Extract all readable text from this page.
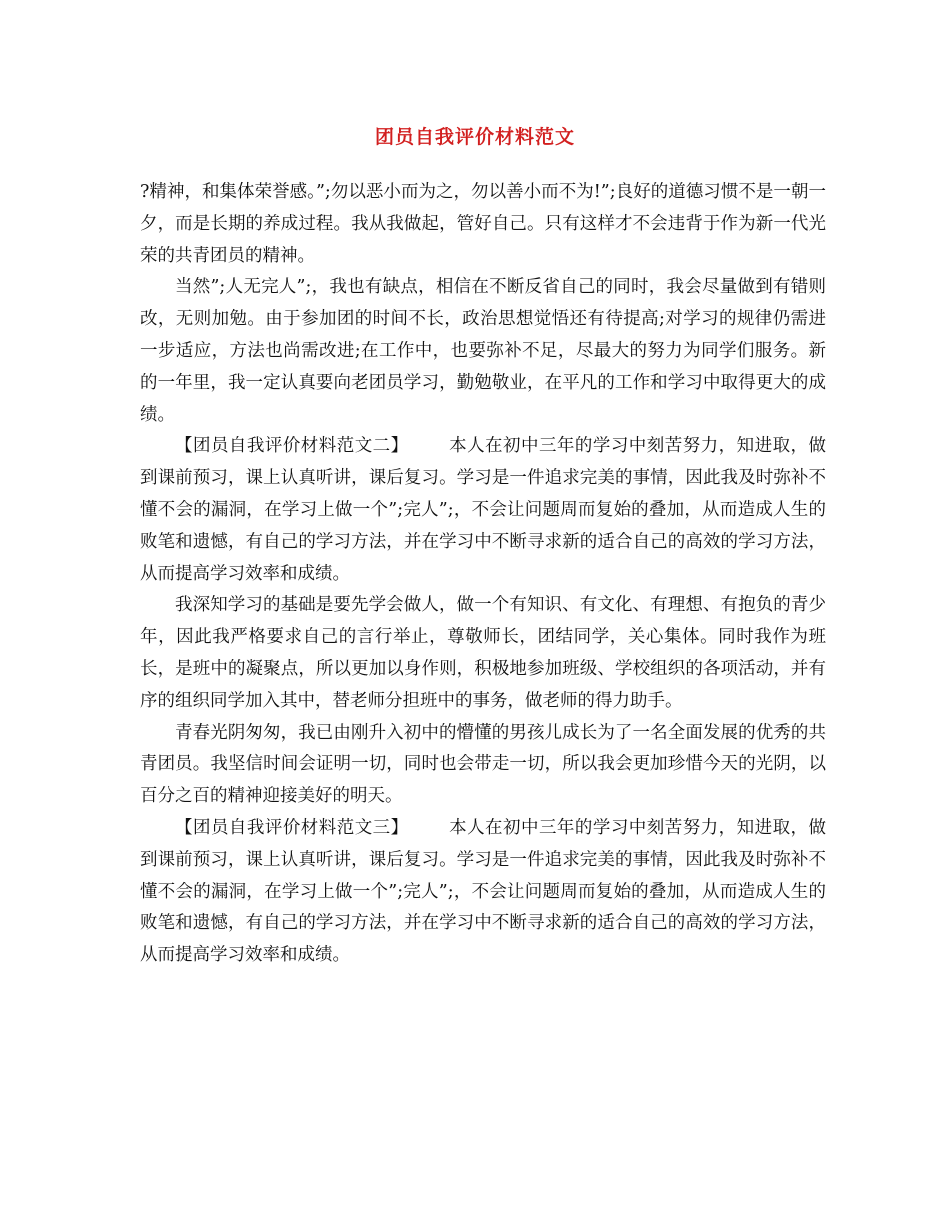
团员自我评价材料范文

?精神，和集体荣誉感。”;勿以恶小而为之，勿以善小而不为!”;良好的道德习惯不是一朝一夕，而是长期的养成过程。我从我做起，管好自己。只有这样才不会违背于作为新一代光荣的共青团员的精神。

当然”;人无完人”;，我也有缺点，相信在不断反省自己的同时，我会尽量做到有错则改，无则加勉。由于参加团的时间不长，政治思想觉悟还有待提高;对学习的规律仍需进一步适应，方法也尚需改进;在工作中，也要弥补不足，尽最大的努力为同学们服务。新的一年里，我一定认真要向老团员学习，勤勉敬业，在平凡的工作和学习中取得更大的成绩。

【团员自我评价材料范文二】 本人在初中三年的学习中刻苦努力，知进取，做到课前预习，课上认真听讲，课后复习。学习是一件追求完美的事情，因此我及时弥补不懂不会的漏洞，在学习上做一个”;完人”;，不会让问题周而复始的叠加，从而造成人生的败笔和遗憾，有自己的学习方法，并在学习中不断寻求新的适合自己的高效的学习方法，从而提高学习效率和成绩。

我深知学习的基础是要先学会做人，做一个有知识、有文化、有理想、有抱负的青少年，因此我严格要求自己的言行举止，尊敬师长，团结同学，关心集体。同时我作为班长，是班中的凝聚点，所以更加以身作则，积极地参加班级、学校组织的各项活动，并有序的组织同学加入其中，替老师分担班中的事务，做老师的得力助手。

青春光阴匆匆，我已由刚升入初中的懵懂的男孩儿成长为了一名全面发展的优秀的共青团员。我坚信时间会证明一切，同时也会带走一切，所以我会更加珍惜今天的光阴，以百分之百的精神迎接美好的明天。

【团员自我评价材料范文三】 本人在初中三年的学习中刻苦努力，知进取，做到课前预习，课上认真听讲，课后复习。学习是一件追求完美的事情，因此我及时弥补不懂不会的漏洞，在学习上做一个”;完人”;，不会让问题周而复始的叠加，从而造成人生的败笔和遗憾，有自己的学习方法，并在学习中不断寻求新的适合自己的高效的学习方法，从而提高学习效率和成绩。
